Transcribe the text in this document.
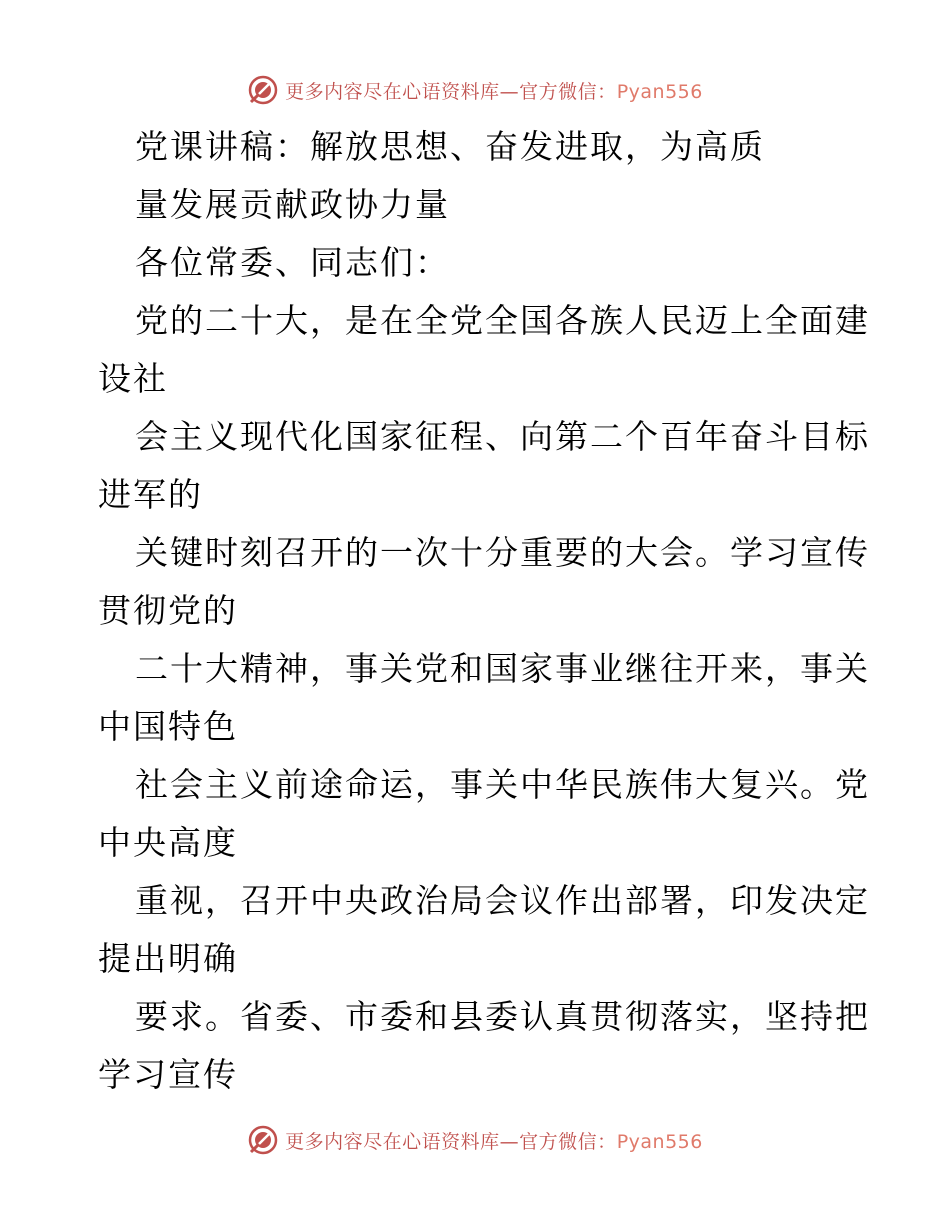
更多内容尽在心语资料库—官方微信：Pyan556
党课讲稿：解放思想、奋发进取，为高质
量发展贡献政协力量
各位常委、同志们：
党的二十大，是在全党全国各族人民迈上全面建
设社
会主义现代化国家征程、向第二个百年奋斗目标
进军的
关键时刻召开的一次十分重要的大会。学习宣传
贯彻党的
二十大精神，事关党和国家事业继往开来，事关
中国特色
社会主义前途命运，事关中华民族伟大复兴。党
中央高度
重视，召开中央政治局会议作出部署，印发决定
提出明确
要求。省委、市委和县委认真贯彻落实，坚持把
学习宣传
更多内容尽在心语资料库—官方微信：Pyan556
